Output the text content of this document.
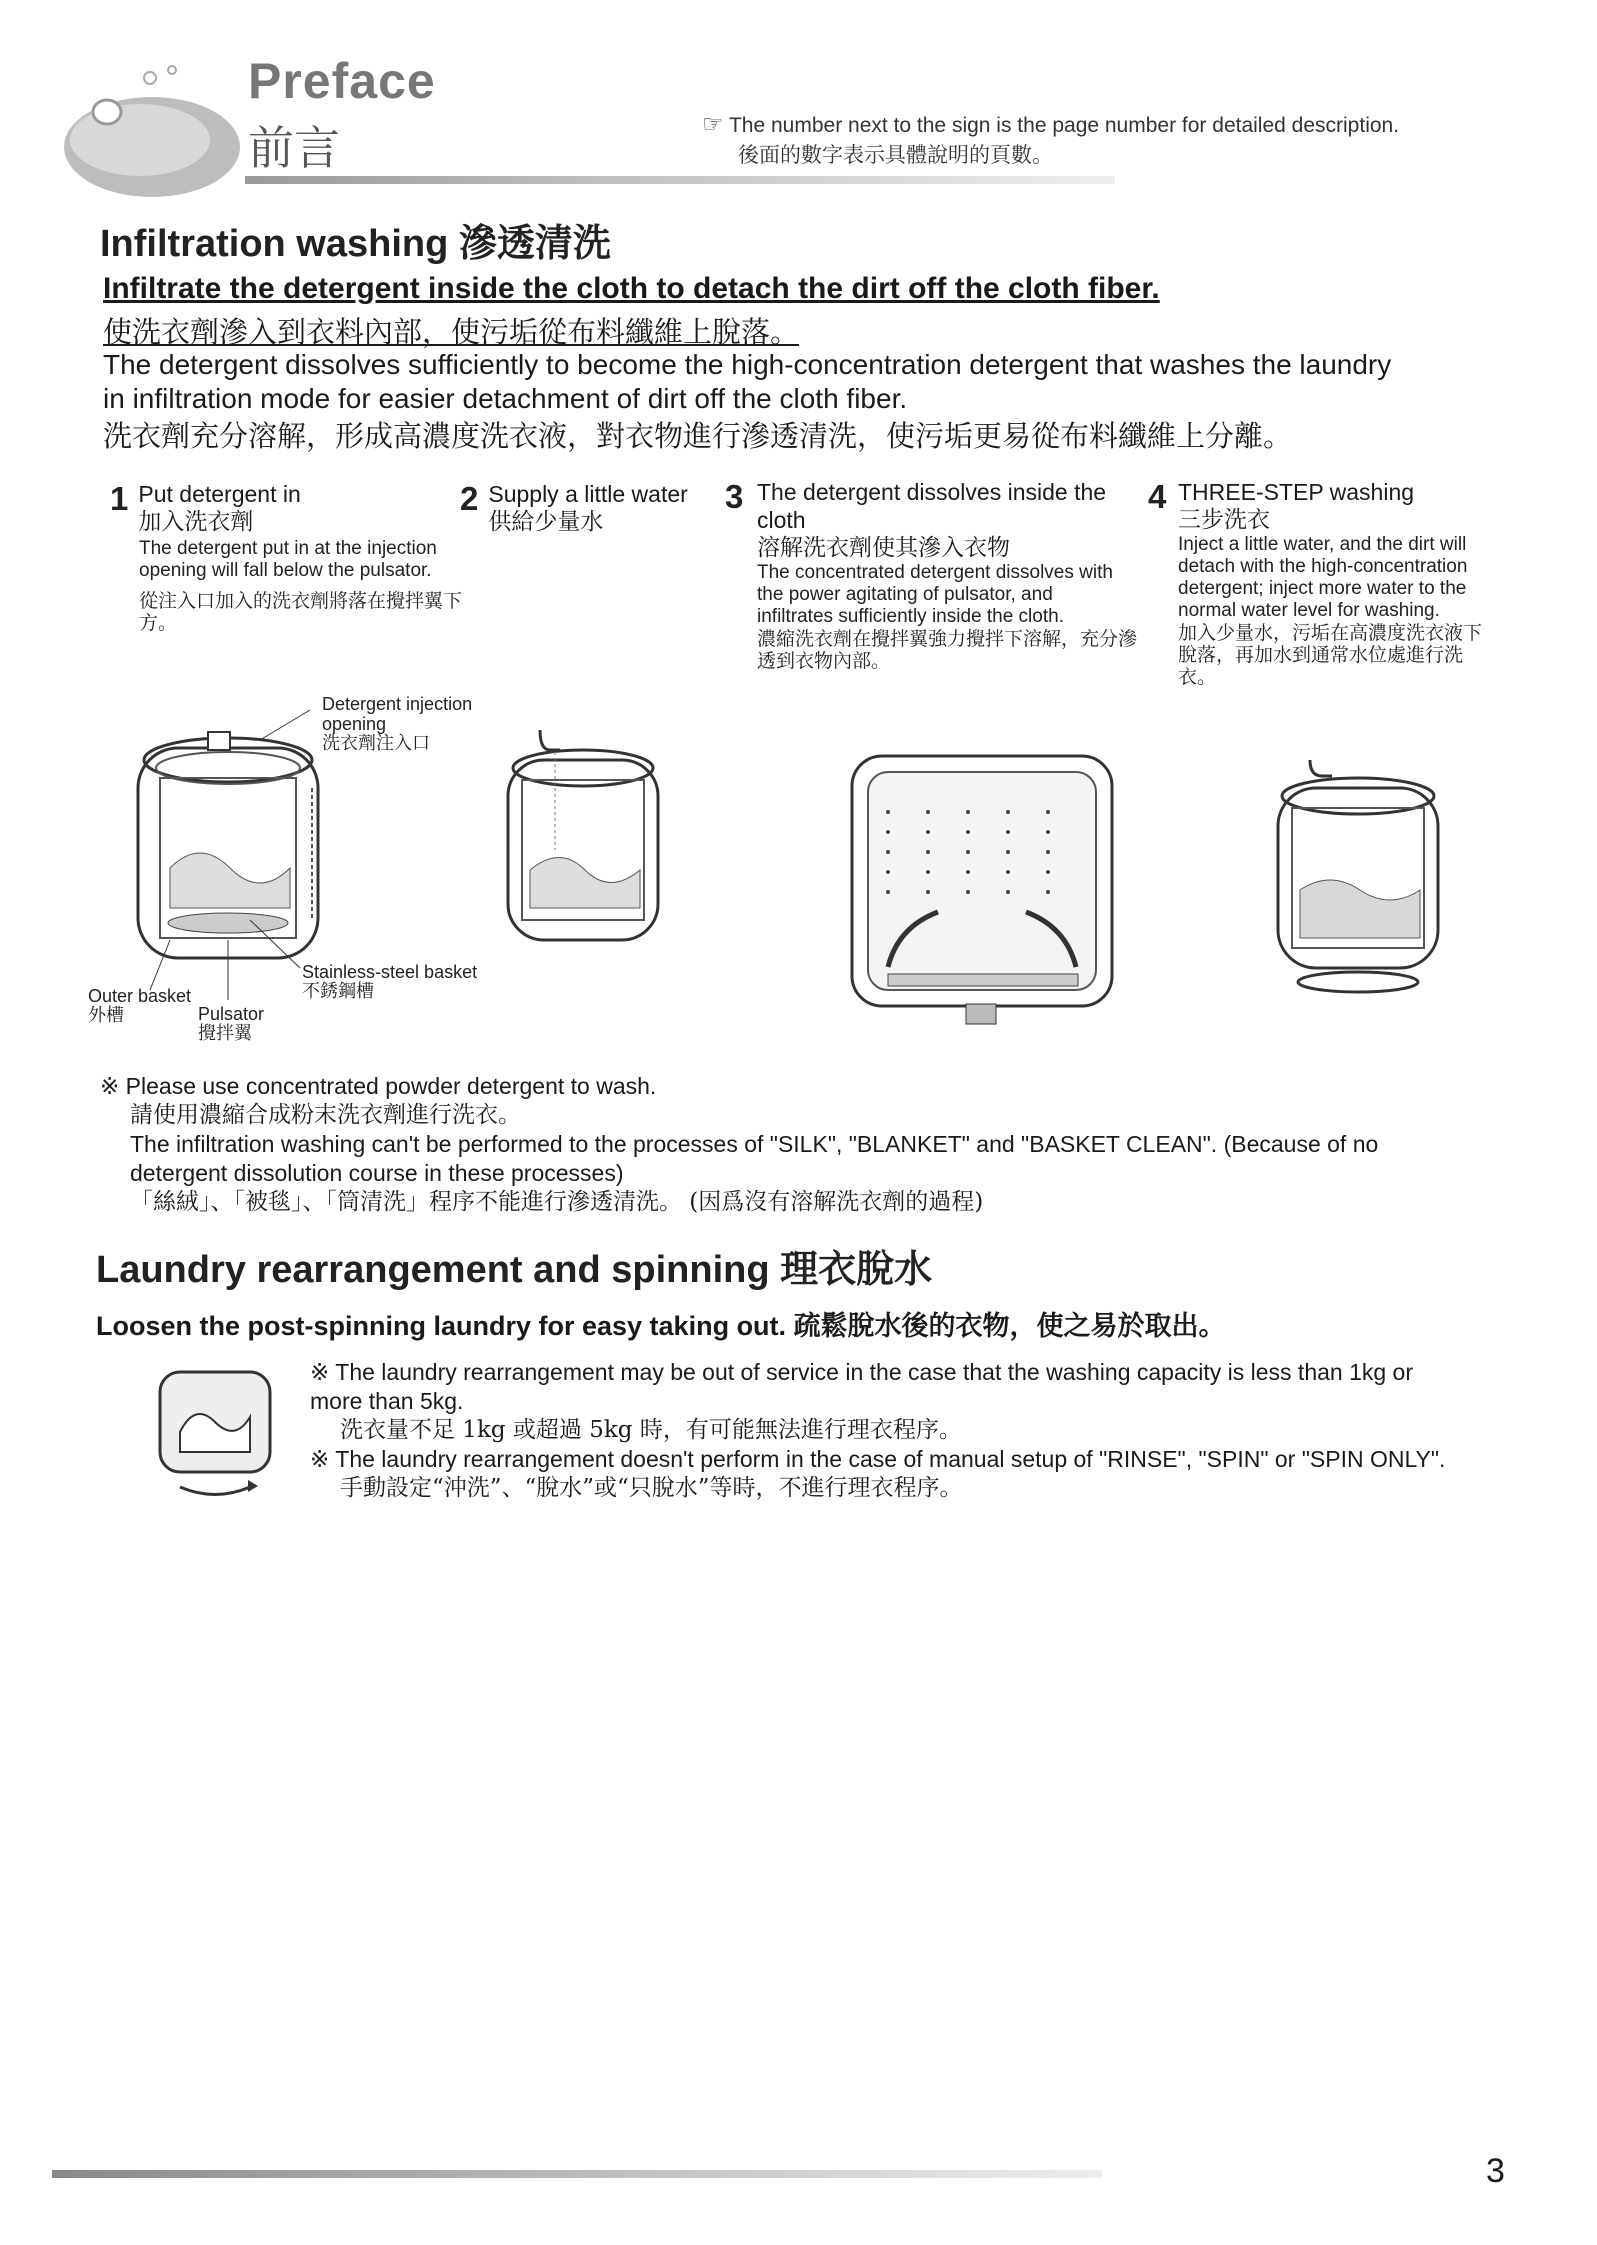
Preface
前言	☞ The number next to the sign is the page number for detailed description.
後面的數字表示具體說明的頁數。
Infiltration washing 滲透清洗
Infiltrate the detergent inside the cloth to detach the dirt off the cloth fiber.
使洗衣劑滲入到衣料內部，使污垢從布料纖維上脫落。
The detergent dissolves sufficiently to become the high-concentration detergent that washes the laundry in infiltration mode for easier detachment of dirt off the cloth fiber.
洗衣劑充分溶解，形成高濃度洗衣液，對衣物進行滲透清洗，使污垢更易從布料纖維上分離。
1 Put detergent in
加入洗衣劑
The detergent put in at the injection opening will fall below the pulsator.
從注入口加入的洗衣劑將落在攪拌翼下方。
2 Supply a little water
供給少量水
3 The detergent dissolves inside the cloth
溶解洗衣劑使其滲入衣物
The concentrated detergent dissolves with the power agitating of pulsator, and infiltrates sufficiently inside the cloth.
濃縮洗衣劑在攪拌翼強力攪拌下溶解，充分滲透到衣物內部。
4 THREE-STEP washing
三步洗衣
Inject a little water, and the dirt will detach with the high-concentration detergent; inject more water to the normal water level for washing.
加入少量水，污垢在高濃度洗衣液下脫落，再加水到通常水位處進行洗衣。
Detergent injection opening
洗衣劑注入口
Stainless-steel basket
不銹鋼槽
Outer basket
外槽	Pulsator
攪拌翼
※ Please use concentrated powder detergent to wash.
請使用濃縮合成粉末洗衣劑進行洗衣。
The infiltration washing can't be performed to the processes of "SILK", "BLANKET" and "BASKET CLEAN". (Because of no detergent dissolution course in these processes)
「絲絨」、「被毯」、「筒清洗」程序不能進行滲透清洗。 (因爲沒有溶解洗衣劑的過程)
Laundry rearrangement and spinning 理衣脫水
Loosen the post-spinning laundry for easy taking out. 疏鬆脫水後的衣物，使之易於取出。
※ The laundry rearrangement may be out of service in the case that the washing capacity is less than 1kg or more than 5kg.
洗衣量不足 1kg 或超過 5kg 時，有可能無法進行理衣程序。
※ The laundry rearrangement doesn't perform in the case of manual setup of "RINSE", "SPIN" or "SPIN ONLY".
手動設定“沖洗”、“脫水”或“只脫水”等時，不進行理衣程序。
3
